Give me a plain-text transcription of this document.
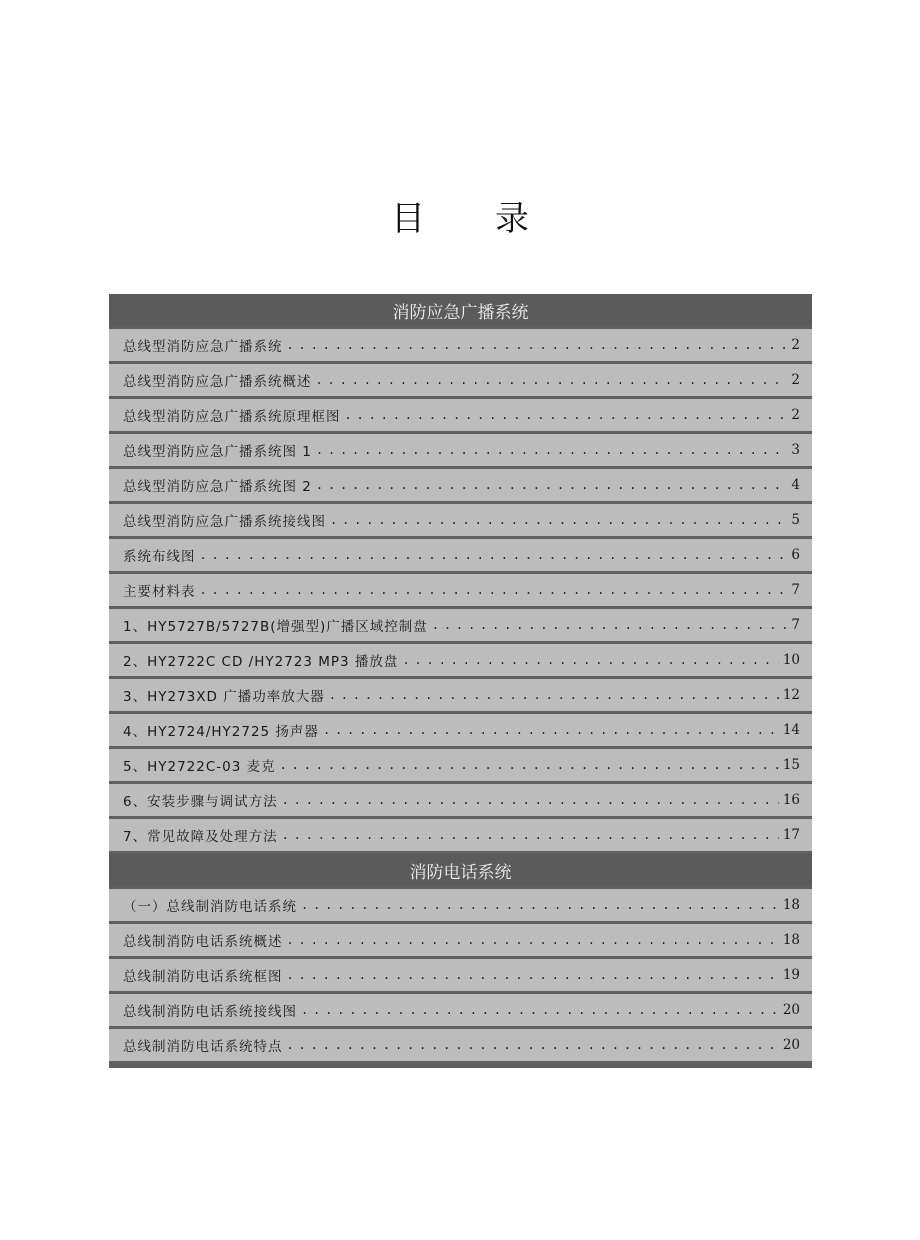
目 录
消防应急广播系统
总线型消防应急广播系统 . . .	2
总线型消防应急广播系统概述 . . .	2
总线型消防应急广播系统原理框图 . . .	2
总线型消防应急广播系统图 1 . . .	3
总线型消防应急广播系统图 2 . . .	4
总线型消防应急广播系统接线图 . . .	5
系统布线图 . . .	6
主要材料表 . . .	7
1、HY5727B/5727B(增强型)广播区域控制盘 . . .	7
2、HY2722C CD /HY2723 MP3 播放盘 . . .	10
3、HY273XD 广播功率放大器 . . .	12
4、HY2724/HY2725 扬声器 . . .	14
5、HY2722C-03 麦克 . . .	15
6、安装步骤与调试方法 . . .	16
7、常见故障及处理方法 . . .	17
消防电话系统
（一）总线制消防电话系统 . . .	18
总线制消防电话系统概述 . . .	18
总线制消防电话系统框图 . . .	19
总线制消防电话系统接线图 . . .	20
总线制消防电话系统特点 . . .	20
